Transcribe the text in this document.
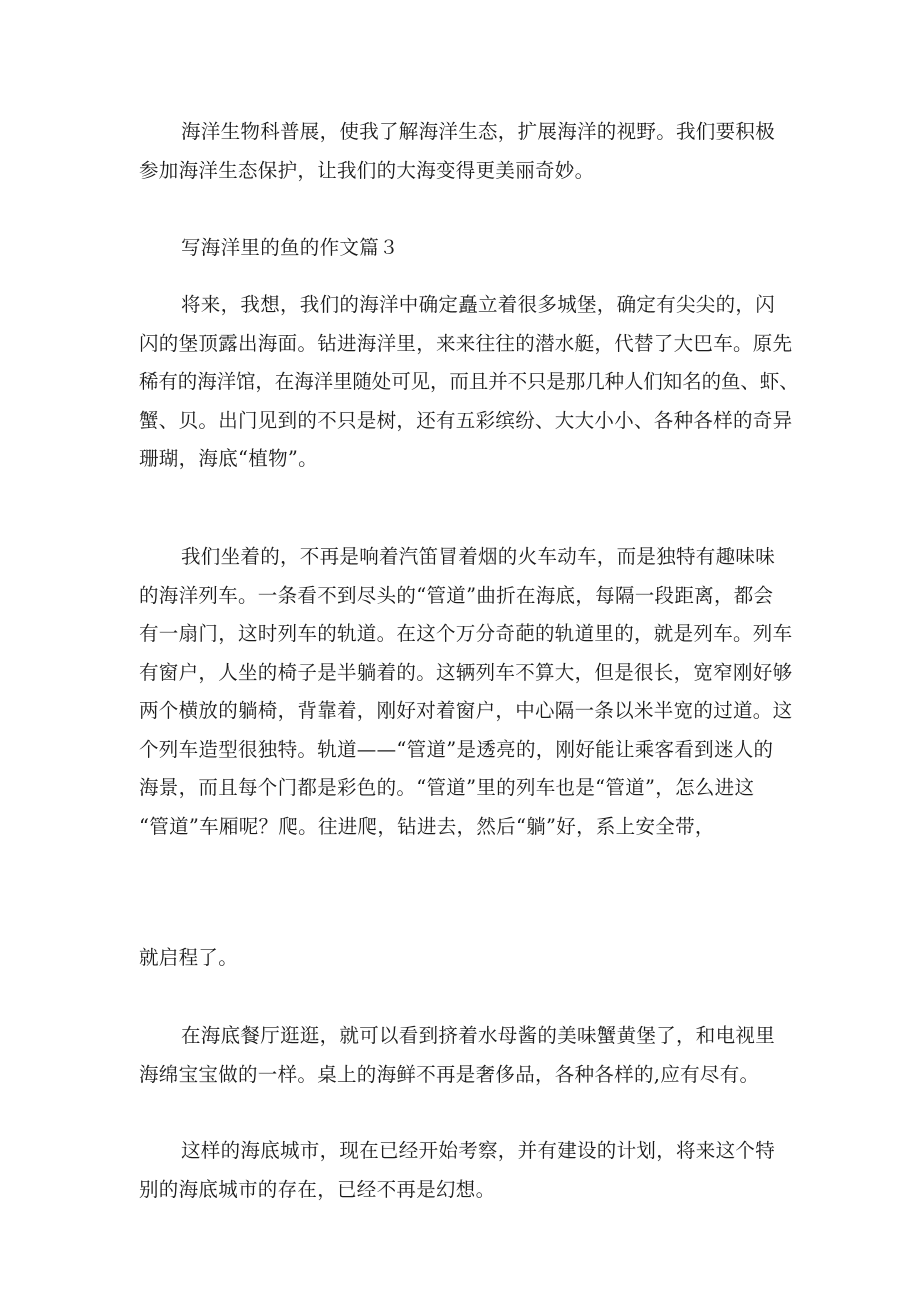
海洋生物科普展，使我了解海洋生态，扩展海洋的视野。我们要积极
参加海洋生态保护，让我们的大海变得更美丽奇妙。

写海洋里的鱼的作文篇３

将来，我想，我们的海洋中确定矗立着很多城堡，确定有尖尖的，闪
闪的堡顶露出海面。钻进海洋里，来来往往的潜水艇，代替了大巴车。原先
稀有的海洋馆，在海洋里随处可见，而且并不只是那几种人们知名的鱼、虾、
蟹、贝。出门见到的不只是树，还有五彩缤纷、大大小小、各种各样的奇异
珊瑚，海底“植物”。

我们坐着的，不再是响着汽笛冒着烟的火车动车，而是独特有趣味味
的海洋列车。一条看不到尽头的“管道”曲折在海底，每隔一段距离，都会
有一扇门，这时列车的轨道。在这个万分奇葩的轨道里的，就是列车。列车
有窗户，人坐的椅子是半躺着的。这辆列车不算大，但是很长，宽窄刚好够
两个横放的躺椅，背靠着，刚好对着窗户，中心隔一条以米半宽的过道。这
个列车造型很独特。轨道——“管道”是透亮的，刚好能让乘客看到迷人的
海景，而且每个门都是彩色的。“管道”里的列车也是“管道”，怎么进这
“管道”车厢呢？爬。往进爬，钻进去，然后“躺”好，系上安全带，

就启程了。

在海底餐厅逛逛，就可以看到挤着水母酱的美味蟹黄堡了，和电视里
海绵宝宝做的一样。桌上的海鲜不再是奢侈品，各种各样的,应有尽有。

这样的海底城市，现在已经开始考察，并有建设的计划，将来这个特
别的海底城市的存在，已经不再是幻想。
